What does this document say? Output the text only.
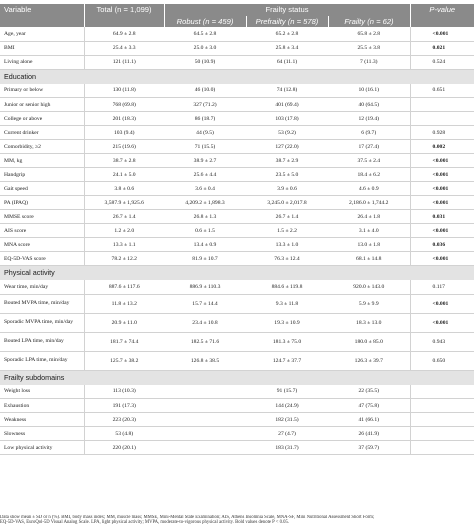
Variable	Total (n = 1,099)	Frailty status			P-value
		Robust (n = 459)	Prefrailty (n = 578)	Frailty (n = 62)	
Age, year	64.9 ± 2.8	64.5 ± 2.8	65.2 ± 2.8	65.8 ± 2.8	<0.001
BMI	25.4 ± 3.3	25.0 ± 3.0	25.8 ± 3.4	25.5 ± 3.8	0.021
Living alone	121 (11.1)	50 (10.9)	64 (11.1)	7 (11.3)	0.524
Education					
Primary or below	130 (11.8)	46 (10.0)	74 (12.8)	10 (16.1)	0.651
Junior or senior high	768 (69.8)	327 (71.2)	401 (69.4)	40 (64.5)	
College or above	201 (18.3)	86 (18.7)	103 (17.8)	12 (19.4)	
Current drinker	103 (9.4)	44 (9.5)	53 (9.2)	6 (9.7)	0.928
Comorbidity, ≥2	215 (19.6)	71 (15.5)	127 (22.0)	17 (27.4)	0.002
MM, kg	38.7 ± 2.8	38.9 ± 2.7	38.7 ± 2.9	37.5 ± 2.4	<0.001
Handgrip	24.1 ± 5.0	25.6 ± 4.4	23.5 ± 5.0	18.4 ± 6.2	<0.001
Gait speed	3.8 ± 0.6	3.6 ± 0.4	3.9 ± 0.6	4.6 ± 0.9	<0.001
PA (IPAQ)	3,587.9 ± 1,925.6	4,209.2 ± 1,898.3	3,245.0 ± 2,017.8	2,186.0 ± 1,744.2	<0.001
MMSE score	26.7 ± 1.4	26.8 ± 1.3	26.7 ± 1.4	26.4 ± 1.8	0.031
AIS score	1.2 ± 2.0	0.6 ± 1.5	1.5 ± 2.2	3.1 ± 4.0	<0.001
MNA score	13.3 ± 1.1	13.4 ± 0.9	13.3 ± 1.0	13.0 ± 1.8	0.036
EQ-5D-VAS score	78.2 ± 12.2	81.9 ± 10.7	76.3 ± 12.4	68.1 ± 14.8	<0.001
Physical activity					
Wear time, min/day	887.6 ± 117.6	886.9 ± 110.3	884.6 ± 119.8	920.0 ± 143.0	0.117
Bouted MVPA time, min/day	11.8 ± 13.2	15.7 ± 14.4	9.3 ± 11.8	5.9 ± 9.9	<0.001
Sporadic MVPA time, min/day	20.9 ± 11.0	23.4 ± 10.8	19.3 ± 10.9	18.3 ± 13.0	<0.001
Bouted LPA time, min/day	181.7 ± 74.4	182.5 ± 71.6	181.3 ± 75.0	180.0 ± 85.0	0.943
Sporadic LPA time, min/day	125.7 ± 38.2	126.8 ± 38.5	124.7 ± 37.7	126.3 ± 39.7	0.650
Frailty subdomains					
Weight loss	113 (10.3)		91 (15.7)	22 (35.5)	
Exhaustion	191 (17.3)		144 (24.9)	47 (75.8)	
Weakness	223 (20.3)		182 (31.5)	41 (66.1)	
Slowness	53 (4.8)		27 (4.7)	26 (41.9)	
Low physical activity	220 (20.1)		183 (31.7)	37 (59.7)	
Data show mean ± SD or n (%). BMI, body mass index; MM, muscle mass; MMSE, Mini-Mental State Examination; AIS, Athens Insomnia Scale, MNA-SF, Mini Nutritional Assessment Short Form;
EQ-5D-VAS, EuroQol-5D Visual Analog Scale. LPA, light physical activity; MVPA, moderate-to-vigorous physical activity. Bold values denote P < 0.05.
